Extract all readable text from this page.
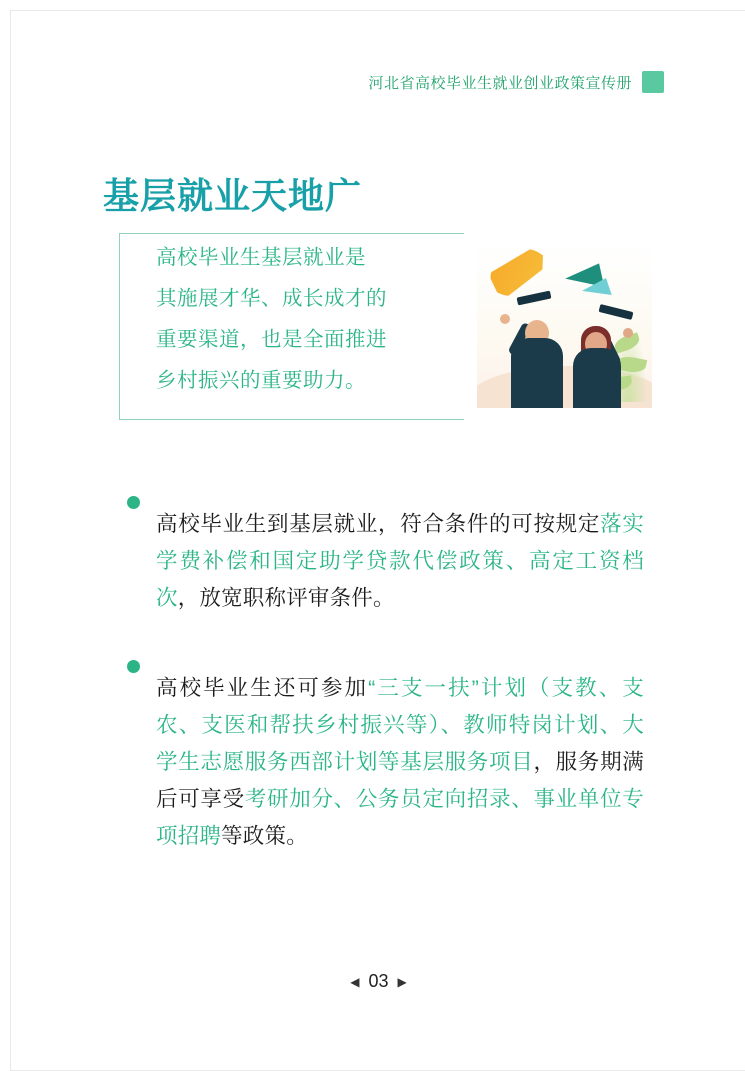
河北省高校毕业生就业创业政策宣传册
基层就业天地广
高校毕业生基层就业是
其施展才华、成长成才的
重要渠道，也是全面推进
乡村振兴的重要助力。

高校毕业生到基层就业，符合条件的可按规定落实学费补偿和国定助学贷款代偿政策、高定工资档次，放宽职称评审条件。

高校毕业生还可参加“三支一扶”计划（支教、支农、支医和帮扶乡村振兴等）、教师特岗计划、大学生志愿服务西部计划等基层服务项目，服务期满后可享受考研加分、公务员定向招录、事业单位专项招聘等政策。

◀ 03 ▶
